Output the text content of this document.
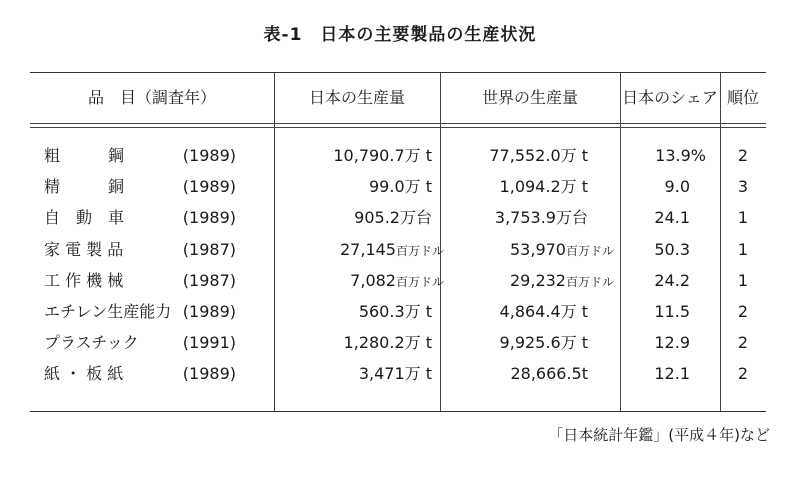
表-1　日本の主要製品の生産状況
品　目（調査年）	日本の生産量	世界の生産量	日本のシェア 順位
粗　　　鋼	(1989)	10,790.7万 t	77,552.0万 t	13.9%	2
精　　　銅	(1989)	99.0万 t	1,094.2万 t	9.0	3
自　動　車	(1989)	905.2万台	3,753.9万台	24.1	1
家 電 製 品	(1987)	27,145百万ドル	53,970百万ドル	50.3	1
工 作 機 械	(1987)	7,082百万ドル	29,232百万ドル	24.2	1
エチレン生産能力 (1989)	560.3万 t	4,864.4万 t	11.5	2
プラスチック	(1991)	1,280.2万 t	9,925.6万 t	12.9	2
紙 ・ 板 紙	(1989)	3,471万 t	28,666.5t	12.1	2
「日本統計年鑑」(平成４年)など
